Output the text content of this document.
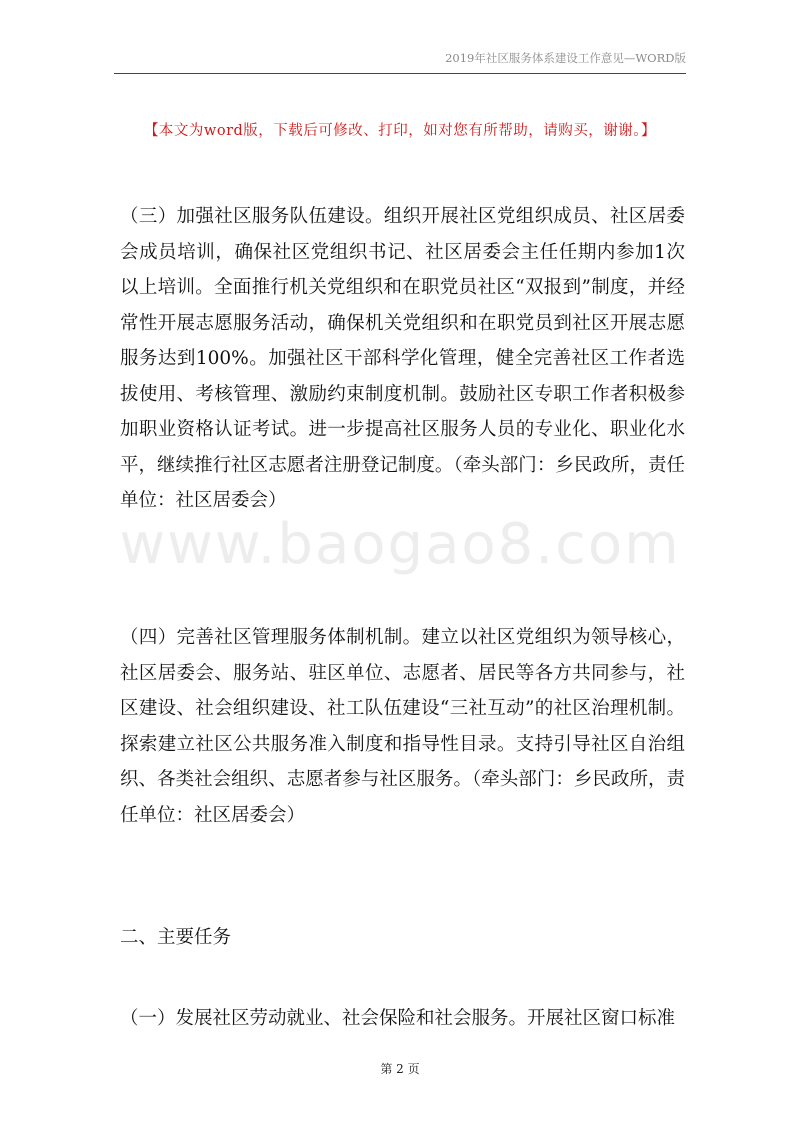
2019年社区服务体系建设工作意见—WORD版
【本文为word版，下载后可修改、打印，如对您有所帮助，请购买，谢谢。】
www.baogao8.com

（三）加强社区服务队伍建设。组织开展社区党组织成员、社区居委会成员培训，确保社区党组织书记、社区居委会主任任期内参加1次以上培训。全面推行机关党组织和在职党员社区“双报到”制度，并经常性开展志愿服务活动，确保机关党组织和在职党员到社区开展志愿服务达到100%。加强社区干部科学化管理，健全完善社区工作者选拔使用、考核管理、激励约束制度机制。鼓励社区专职工作者积极参加职业资格认证考试。进一步提高社区服务人员的专业化、职业化水平，继续推行社区志愿者注册登记制度。（牵头部门：乡民政所，责任单位：社区居委会）

（四）完善社区管理服务体制机制。建立以社区党组织为领导核心，社区居委会、服务站、驻区单位、志愿者、居民等各方共同参与，社区建设、社会组织建设、社工队伍建设“三社互动”的社区治理机制。探索建立社区公共服务准入制度和指导性目录。支持引导社区自治组织、各类社会组织、志愿者参与社区服务。（牵头部门：乡民政所，责任单位：社区居委会）

二、主要任务

（一）发展社区劳动就业、社会保险和社会服务。开展社区窗口标准

第 2 页
